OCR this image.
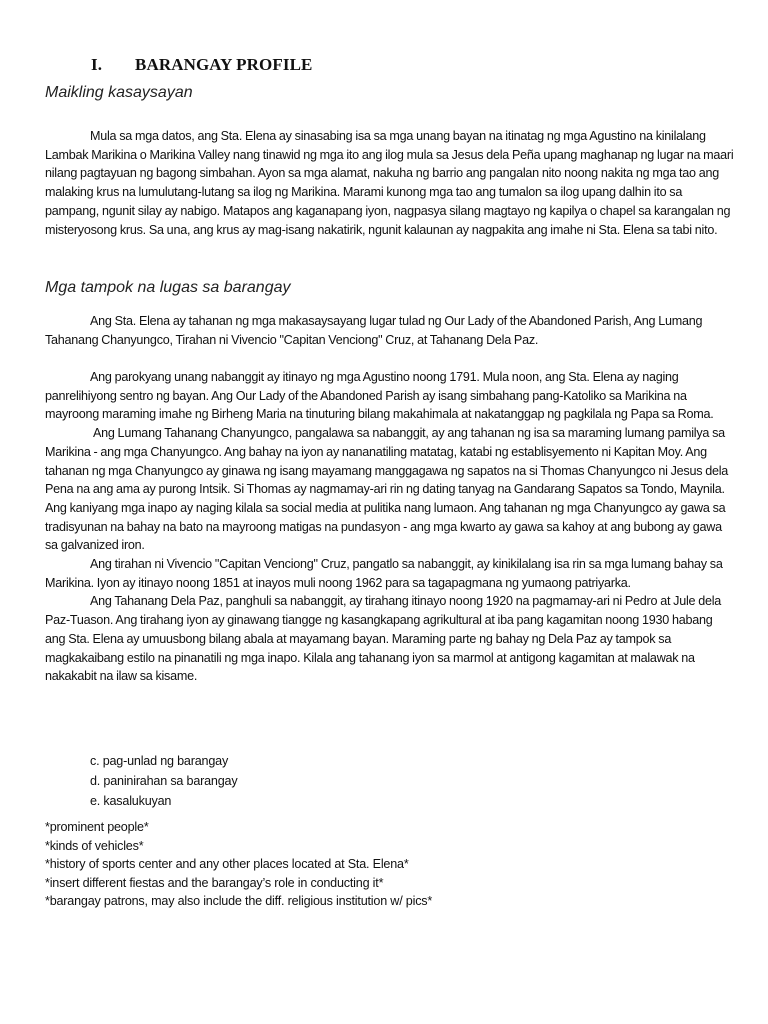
I. BARANGAY PROFILE
Maikling kasaysayan

Mula sa mga datos, ang Sta. Elena ay sinasabing isa sa mga unang bayan na itinatag ng mga Agustino na kinilalang Lambak Marikina o Marikina Valley nang tinawid ng mga ito ang ilog mula sa Jesus dela Peña upang maghanap ng lugar na maari nilang pagtayuan ng bagong simbahan. Ayon sa mga alamat, nakuha ng barrio ang pangalan nito noong nakita ng mga tao ang malaking krus na lumulutang-lutang sa ilog ng Marikina. Marami kunong mga tao ang tumalon sa ilog upang dalhin ito sa pampang, ngunit silay ay nabigo. Matapos ang kaganapang iyon, nagpasya silang magtayo ng kapilya o chapel sa karangalan ng misteryosong krus. Sa una, ang krus ay mag-isang nakatirik, ngunit kalaunan ay nagpakita ang imahe ni Sta. Elena sa tabi nito.

Mga tampok na lugas sa barangay

Ang Sta. Elena ay tahanan ng mga makasaysayang lugar tulad ng Our Lady of the Abandoned Parish, Ang Lumang Tahanang Chanyungco, Tirahan ni Vivencio "Capitan Venciong" Cruz, at Tahanang Dela Paz.

Ang parokyang unang nabanggit ay itinayo ng mga Agustino noong 1791. Mula noon, ang Sta. Elena ay naging panrelihiyong sentro ng bayan. Ang Our Lady of the Abandoned Parish ay isang simbahang pang-Katoliko sa Marikina na mayroong maraming imahe ng Birheng Maria na tinuturing bilang makahimala at nakatanggap ng pagkilala ng Papa sa Roma.

Ang Lumang Tahanang Chanyungco, pangalawa sa nabanggit, ay ang tahanan ng isa sa maraming lumang pamilya sa Marikina - ang mga Chanyungco. Ang bahay na iyon ay nananatiling matatag, katabi ng establisyemento ni Kapitan Moy. Ang tahanan ng mga Chanyungco ay ginawa ng isang mayamang manggagawa ng sapatos na si Thomas Chanyungco ni Jesus dela Pena na ang ama ay purong Intsik. Si Thomas ay nagmamay-ari rin ng dating tanyag na Gandarang Sapatos sa Tondo, Maynila. Ang kaniyang mga inapo ay naging kilala sa social media at pulitika nang lumaon. Ang tahanan ng mga Chanyungco ay gawa sa tradisyunan na bahay na bato na mayroong matigas na pundasyon - ang mga kwarto ay gawa sa kahoy at ang bubong ay gawa sa galvanized iron.

Ang tirahan ni Vivencio "Capitan Venciong" Cruz, pangatlo sa nabanggit, ay kinikilalang isa rin sa mga lumang bahay sa Marikina. Iyon ay itinayo noong 1851 at inayos muli noong 1962 para sa tagapagmana ng yumaong patriyarka.

Ang Tahanang Dela Paz, panghuli sa nabanggit, ay tirahang itinayo noong 1920 na pagmamay-ari ni Pedro at Jule dela Paz-Tuason. Ang tirahang iyon ay ginawang tiangge ng kasangkapang agrikultural at iba pang kagamitan noong 1930 habang ang Sta. Elena ay umuusbong bilang abala at mayamang bayan. Maraming parte ng bahay ng Dela Paz ay tampok sa magkakaibang estilo na pinanatili ng mga inapo. Kilala ang tahanang iyon sa marmol at antigong kagamitan at malawak na nakakabit na ilaw sa kisame.

c. pag-unlad ng barangay
d. paninirahan sa barangay
e. kasalukuyan
*prominent people*
*kinds of vehicles*
*history of sports center and any other places located at Sta. Elena*
*insert different fiestas and the barangay’s role in conducting it*
*barangay patrons, may also include the diff. religious institution w/ pics*
